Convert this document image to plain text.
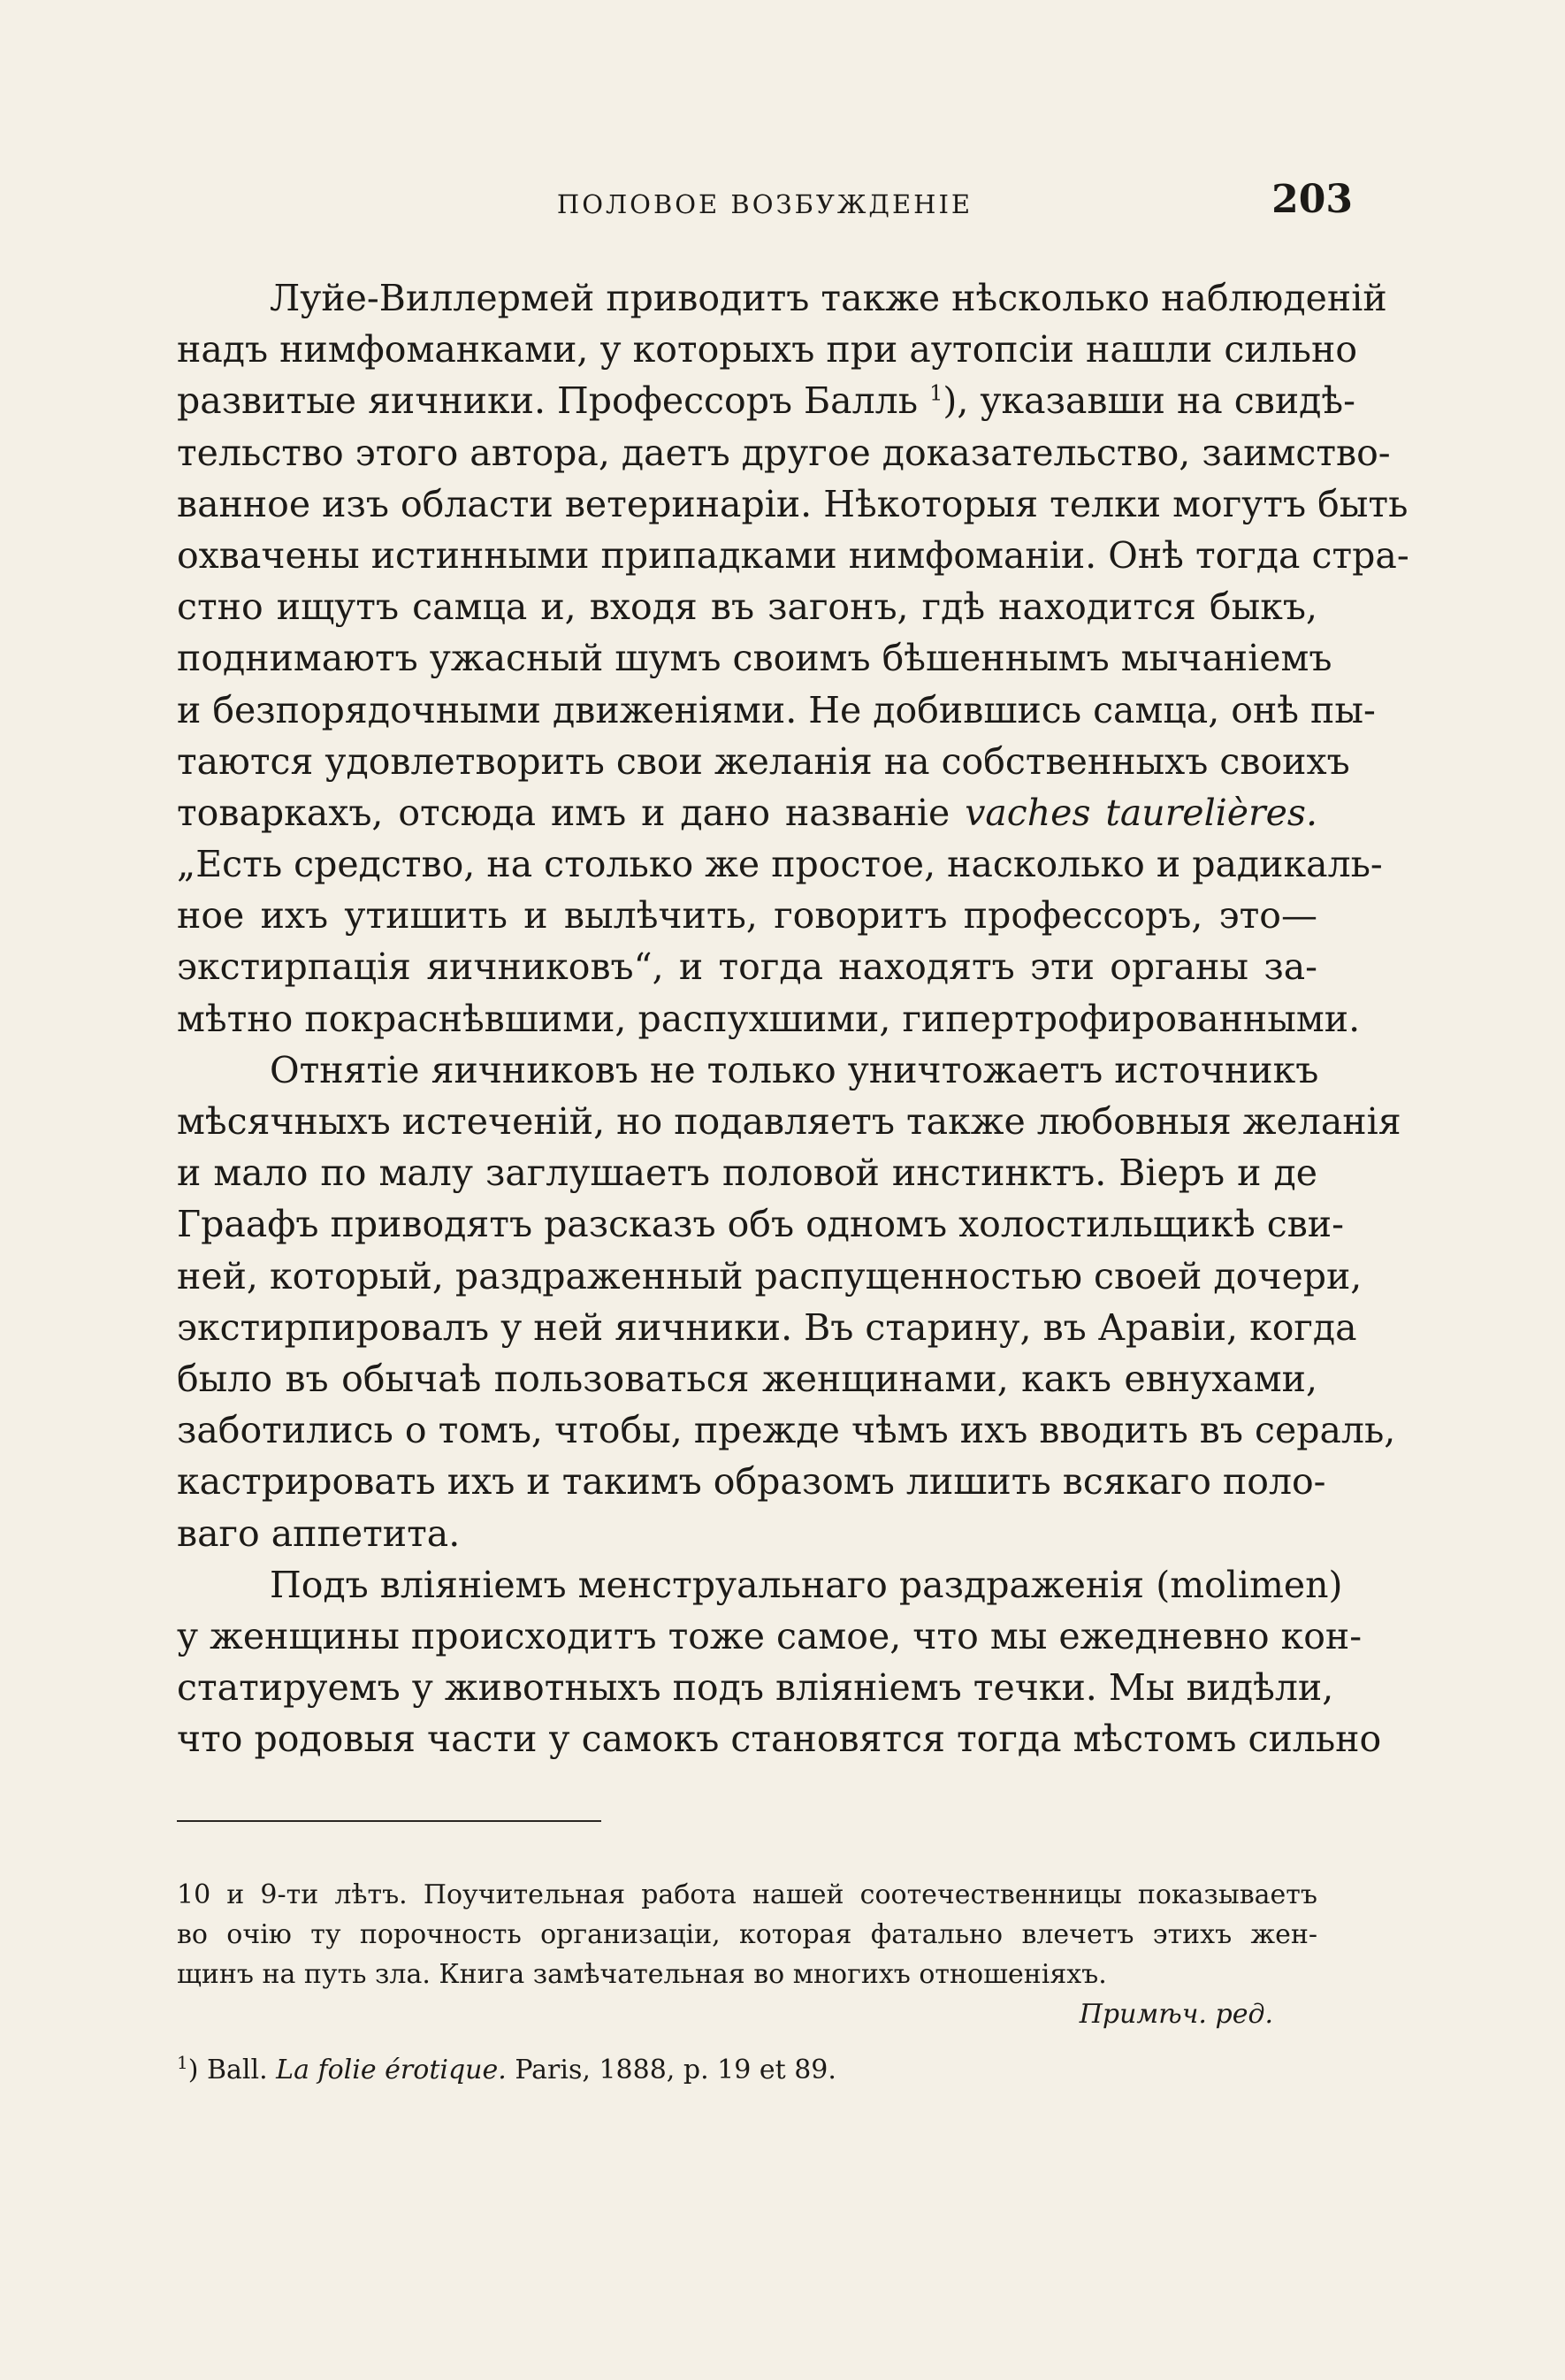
ПОЛОВОЕ ВОЗБУЖДЕНІЕ	203
Луйе-Виллермей приводитъ также нѣсколько наблюденій
надъ нимфоманками, у которыхъ при аутопсіи нашли сильно
развитые яичники. Профессоръ Балль $^1$), указавши на свидѣ-
тельство этого автора, даетъ другое доказательство, заимство-
ванное изъ области ветеринаріи. Нѣкоторыя телки могутъ быть
охвачены истинными припадками нимфоманіи. Онѣ тогда стра-
стно ищутъ самца и, входя въ загонъ, гдѣ находится быкъ,
поднимаютъ ужасный шумъ своимъ бѣшеннымъ мычаніемъ
и безпорядочными движеніями. Не добившись самца, онѣ пы-
таются удовлетворить свои желанія на собственныхъ своихъ
товаркахъ, отсюда имъ и дано названіе vaches taurelières.
„Есть средство, на столько же простое, насколько и радикаль-
ное ихъ утишить и вылѣчить, говоритъ профессоръ, это—
экстирпація яичниковъ“, и тогда находятъ эти органы за-
мѣтно покраснѣвшими, распухшими, гипертрофированными.
Отнятіе яичниковъ не только уничтожаетъ источникъ
мѣсячныхъ истеченій, но подавляетъ также любовныя желанія
и мало по малу заглушаетъ половой инстинктъ. Віеръ и де
Граафъ приводятъ разсказъ объ одномъ холостильщикѣ сви-
ней, который, раздраженный распущенностью своей дочери,
экстирпировалъ у ней яичники. Въ старину, въ Аравіи, когда
было въ обычаѣ пользоваться женщинами, какъ евнухами,
заботились о томъ, чтобы, прежде чѣмъ ихъ вводить въ сераль,
кастрировать ихъ и такимъ образомъ лишить всякаго поло-
ваго аппетита.
Подъ вліяніемъ менструальнаго раздраженія (molimen)
у женщины происходитъ тоже самое, что мы ежедневно кон-
статируемъ у животныхъ подъ вліяніемъ течки. Мы видѣли,
что родовыя части у самокъ становятся тогда мѣстомъ сильно
10 и 9-ти лѣтъ. Поучительная работа нашей соотечественницы показываетъ
во очію ту порочность организаціи, которая фатально влечетъ этихъ жен-
щинъ на путь зла. Книга замѣчательная во многихъ отношеніяхъ.
Примѣч. ред.
$^1$) Ball. La folie érotique. Paris, 1888, p. 19 et 89.
